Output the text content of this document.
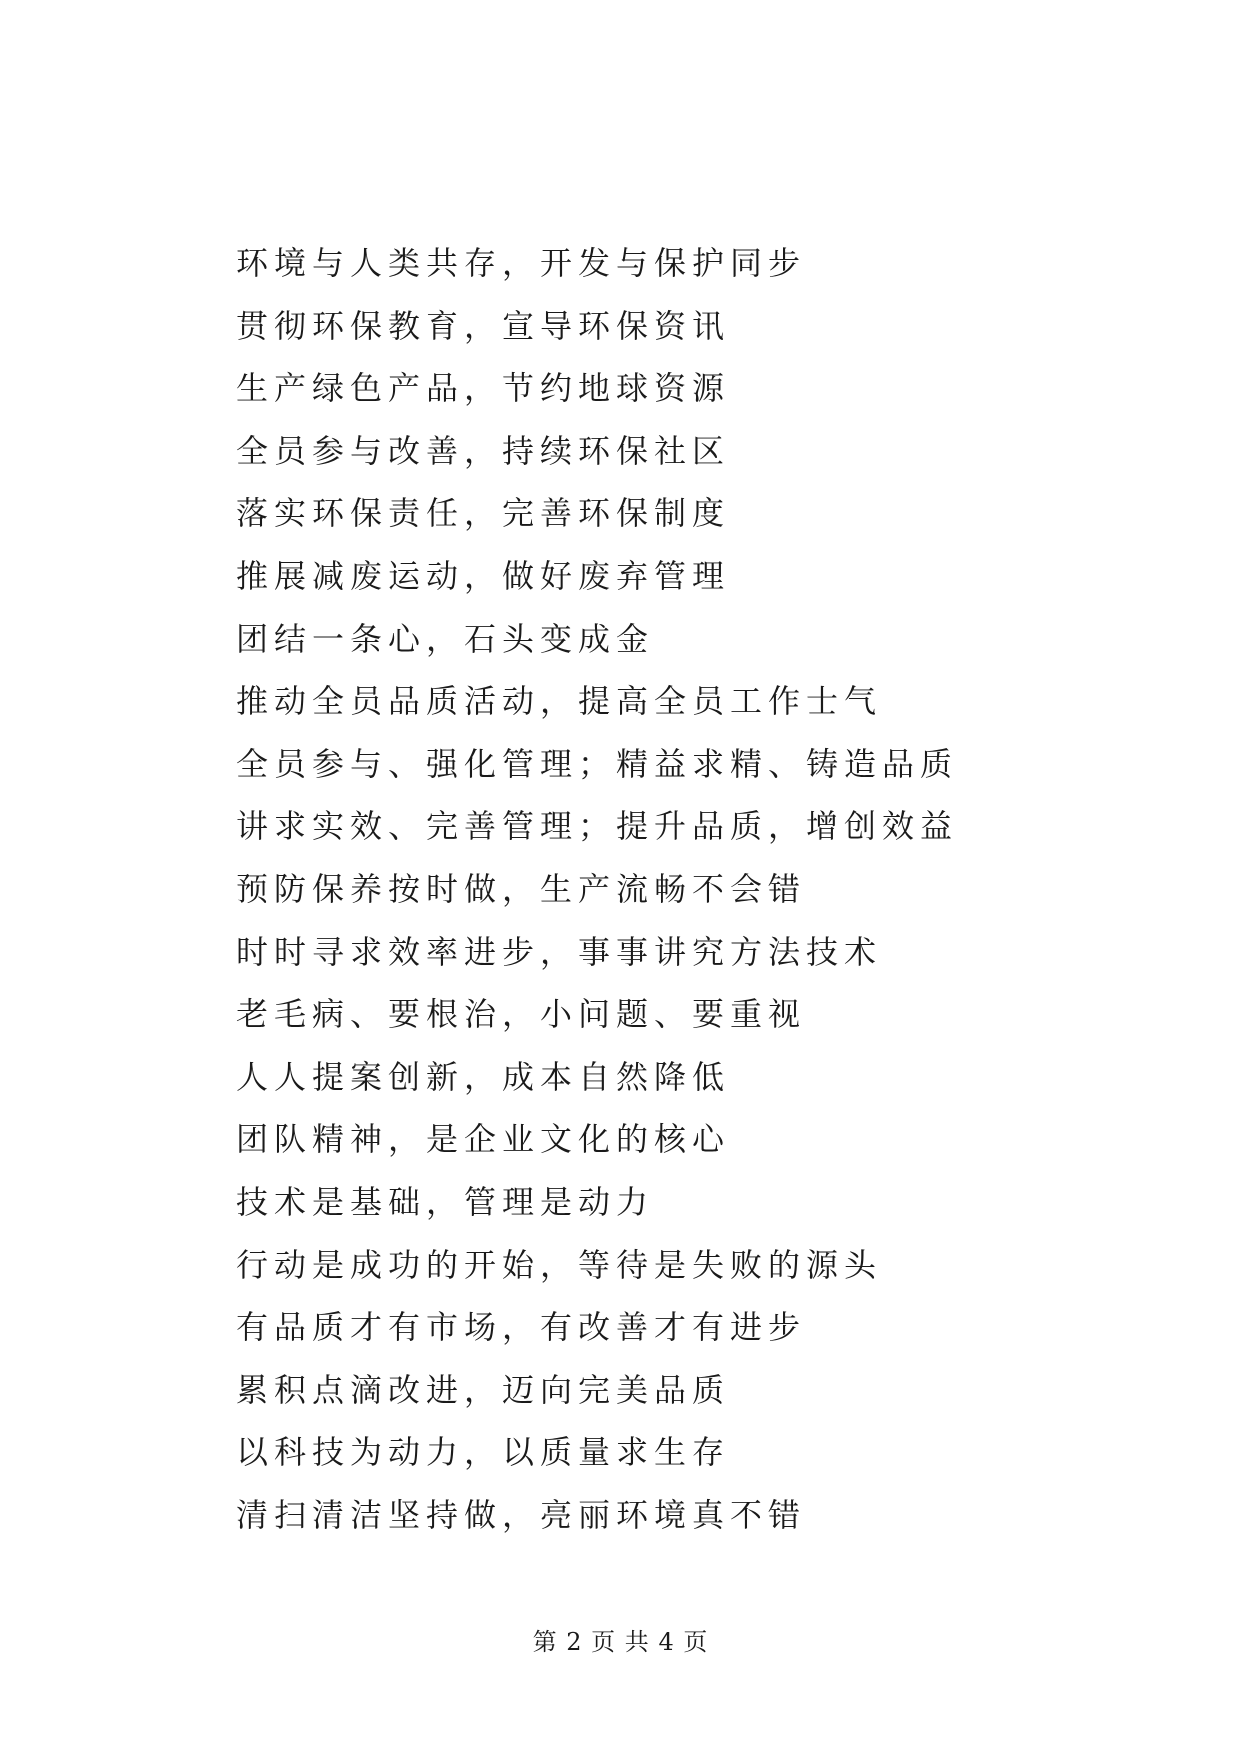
环境与人类共存，开发与保护同步
贯彻环保教育，宣导环保资讯
生产绿色产品，节约地球资源
全员参与改善，持续环保社区
落实环保责任，完善环保制度
推展减废运动，做好废弃管理
团结一条心，石头变成金
推动全员品质活动，提高全员工作士气
全员参与、强化管理；精益求精、铸造品质
讲求实效、完善管理；提升品质，增创效益
预防保养按时做，生产流畅不会错
时时寻求效率进步，事事讲究方法技术
老毛病、要根治，小问题、要重视
人人提案创新，成本自然降低
团队精神，是企业文化的核心
技术是基础，管理是动力
行动是成功的开始，等待是失败的源头
有品质才有市场，有改善才有进步
累积点滴改进，迈向完美品质
以科技为动力，以质量求生存
清扫清洁坚持做，亮丽环境真不错
第 2 页 共 4 页
